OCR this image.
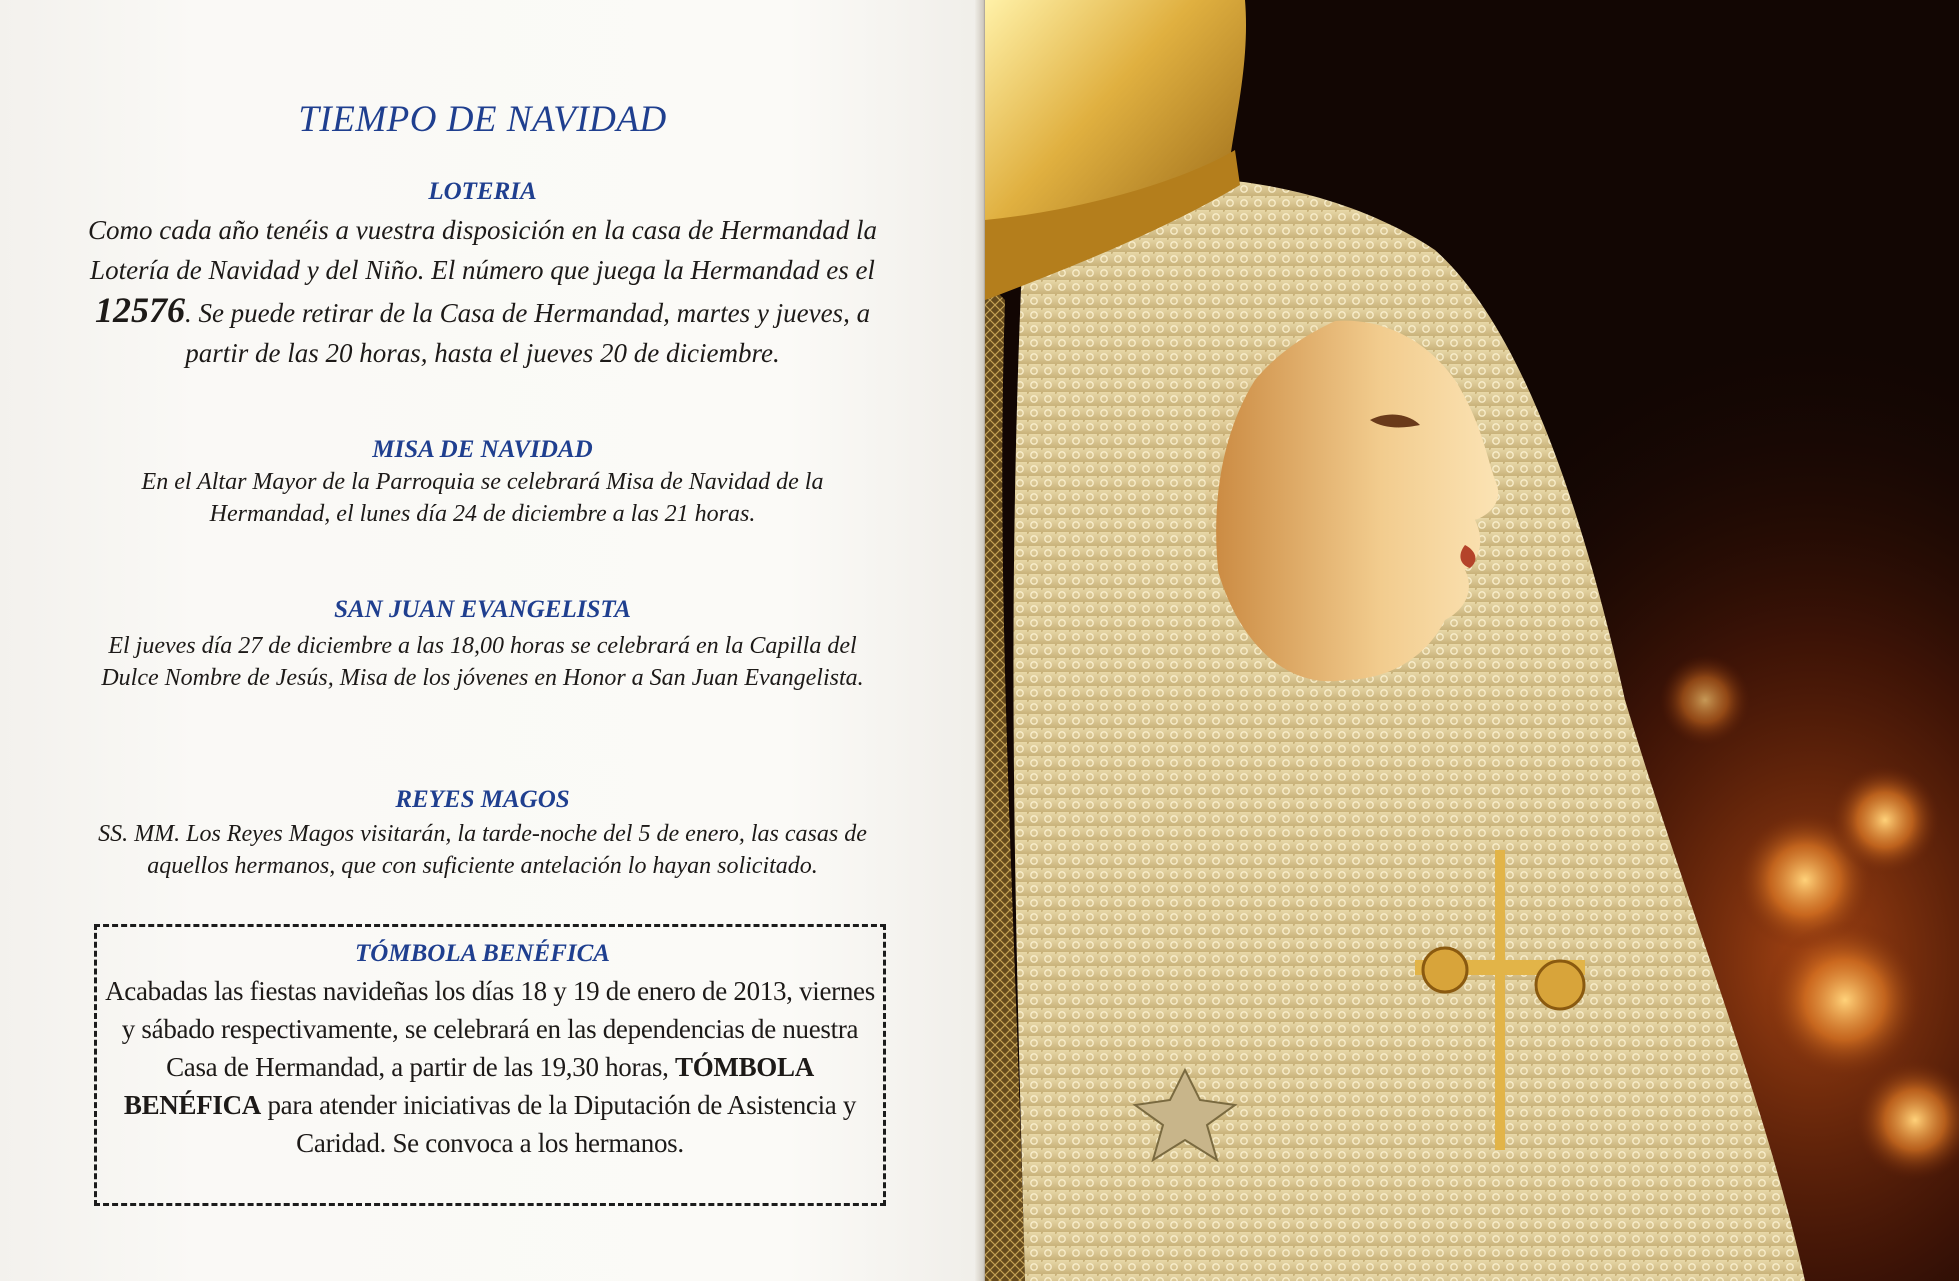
TIEMPO DE NAVIDAD
LOTERIA
Como cada año tenéis a vuestra disposición en la casa de Hermandad la Lotería de Navidad y del Niño. El número que juega la Hermandad es el 12576. Se puede retirar de la Casa de Hermandad, martes y jueves, a partir de las 20 horas, hasta el jueves 20 de diciembre.
MISA DE NAVIDAD
En el Altar Mayor de la Parroquia se celebrará Misa de Navidad de la Hermandad, el lunes día 24 de diciembre a las 21 horas.
SAN JUAN EVANGELISTA
El jueves día 27 de diciembre a las 18,00 horas se celebrará en la Capilla del Dulce Nombre de Jesús, Misa de los jóvenes en Honor a San Juan Evangelista.
REYES MAGOS
SS. MM. Los Reyes Magos visitarán, la tarde-noche del 5 de enero, las casas de aquellos hermanos, que con suficiente antelación lo hayan solicitado.
TÓMBOLA BENÉFICA
Acabadas las fiestas navideñas los días 18 y 19 de enero de 2013, viernes y sábado respectivamente, se celebrará en las dependencias de nuestra Casa de Hermandad, a partir de las 19,30 horas, TÓMBOLA BENÉFICA para atender iniciativas de la Diputación de Asistencia y Caridad. Se convoca a los hermanos.
